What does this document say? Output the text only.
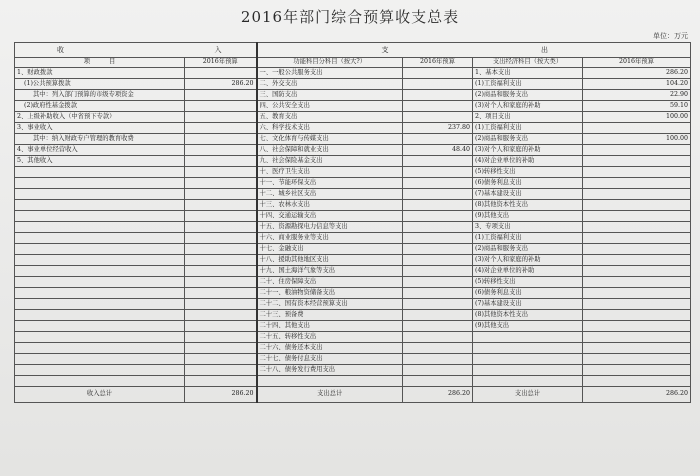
2016年部门综合预算收支总表
单位：万元
收 入		支 出			

项　　　目	2016年预算	功能科目分科目（按大?）	2016年预算	支出经济科目（按大类）	2016年预算
1、财政拨款		一、一般公共服务支出		1、基本支出	286.20
(1)公共预算拨款	286.20	二、外交支出		(1)工资福利支出	104.20
其中：列入部门预算的市级专项资金		三、国防支出		(2)商品和服务支出	22.90
(2)政府性基金拨款		四、公共安全支出		(3)对个人和家庭的补助	59.10
2、上级补助收入（中省预下专款）		五、教育支出		2、项目支出	100.00
3、事业收入		六、科学技术支出	237.80	(1)工资福利支出	
其中：纳入财政专户管理的教育收费		七、文化体育与传媒支出		(2)商品和服务支出	100.00
4、事业单位经营收入		八、社会保障和就业支出	48.40	(3)对个人和家庭的补助	
5、其他收入		九、社会保险基金支出		(4)对企业单位的补助	
		十、医疗卫生支出		(5)转移性支出	
		十一、节能环保支出		(6)债务利息支出	
		十二、城乡社区支出		(7)基本建设支出	
		十三、农林水支出		(8)其他资本性支出	
		十四、交通运输支出		(9)其他支出	
		十五、资源勘探电力信息等支出		3、专项支出	
		十六、商业服务业等支出		(1)工资福利支出	
		十七、金融支出		(2)商品和服务支出	
		十八、援助其他地区支出		(3)对个人和家庭的补助	
		十九、国土海洋气象等支出		(4)对企业单位的补助	
		二十、住房保障支出		(5)转移性支出	
		二十一、粮油物资储备支出		(6)债务利息支出	
		二十二、国有资本经营预算支出		(7)基本建设支出	
		二十三、预备费		(8)其他资本性支出	
		二十四、其他支出		(9)其他支出	
		二十五、转移性支出			
		二十六、债务还本支出			
		二十七、债务付息支出			
		二十八、债务发行费用支出			

收入总计	286.20	支出总计	286.20	支出总计	286.20
